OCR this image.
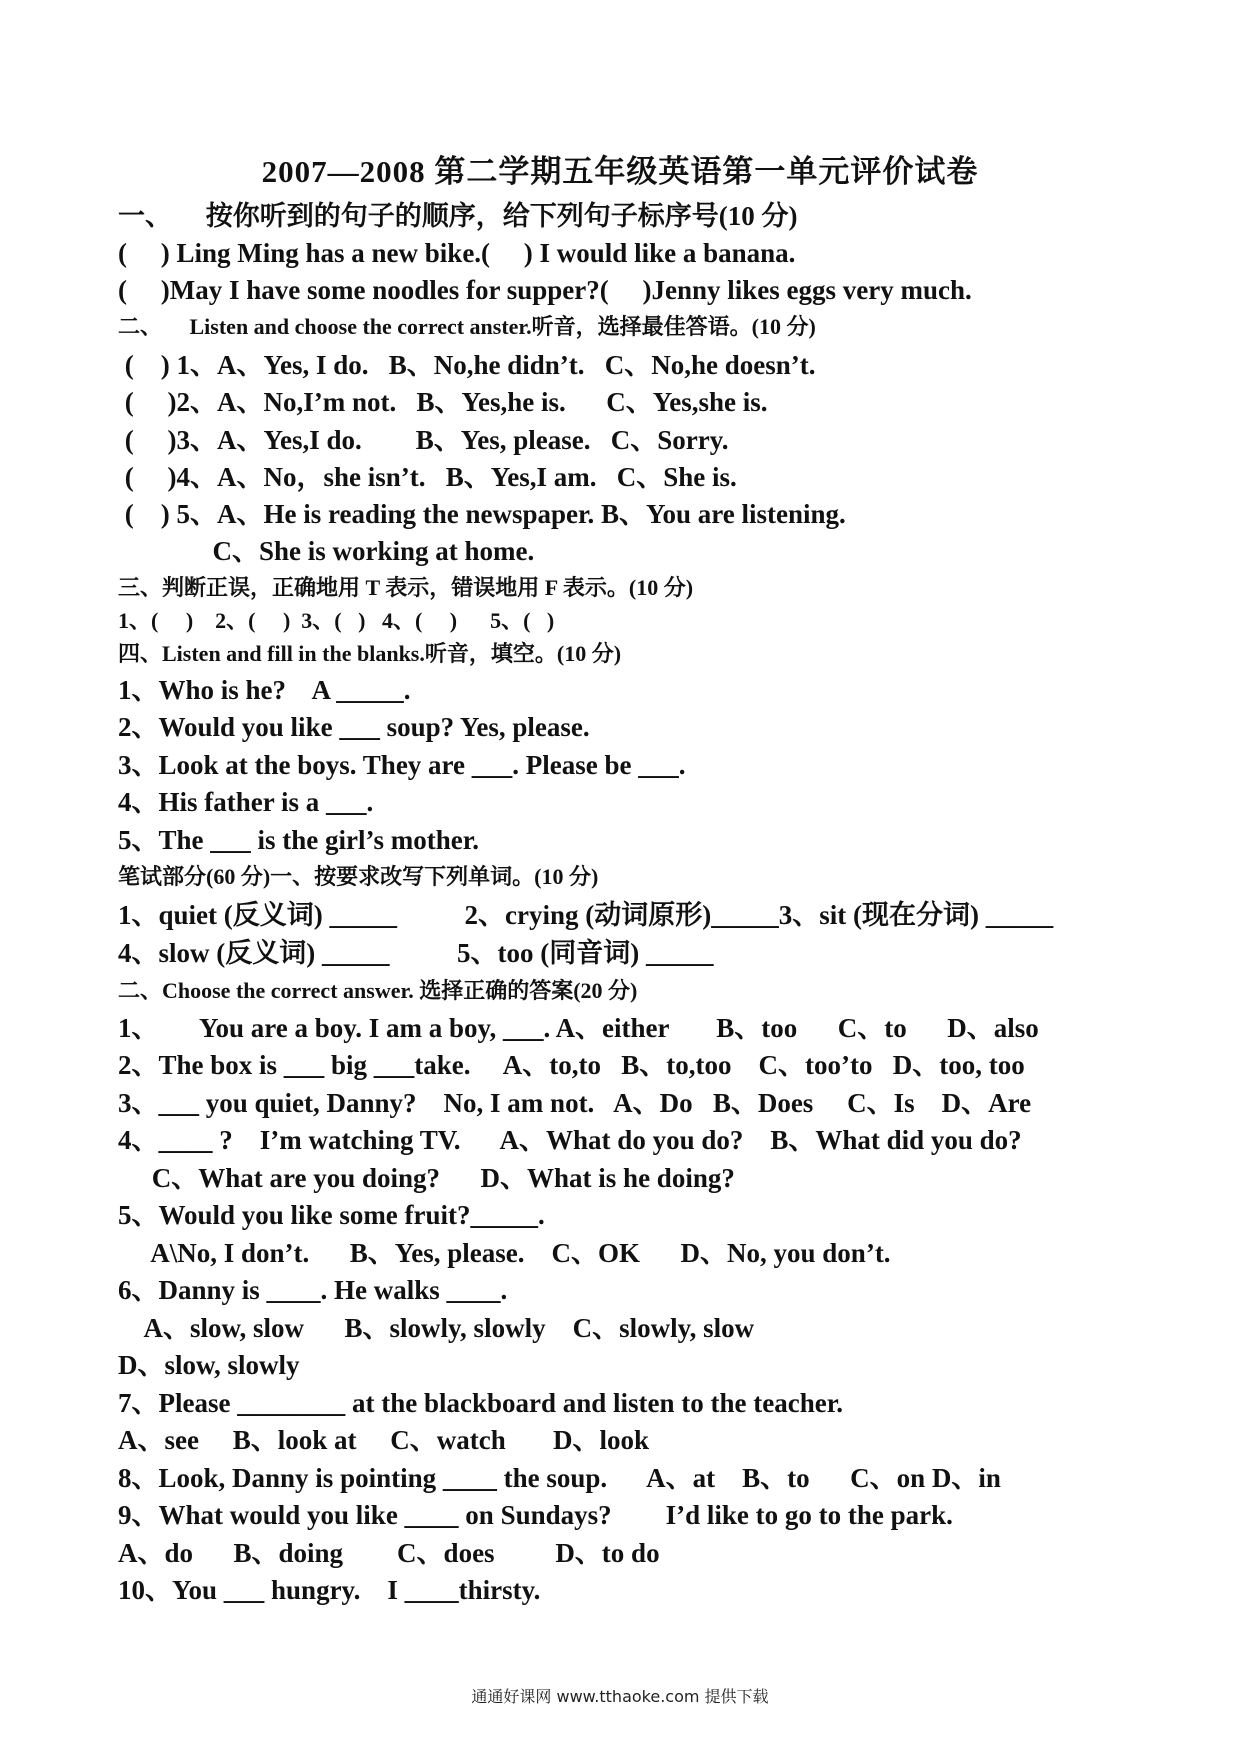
2007—2008 第二学期五年级英语第一单元评价试卷
一、     按你听到的句子的顺序，给下列句子标序号(10 分)
(     ) Ling Ming has a new bike.(     ) I would like a banana.
(     )May I have some noodles for supper?(     )Jenny likes eggs very much.
二、     Listen and choose the correct anster.听音，选择最佳答语。(10 分)
(    ) 1、A、Yes, I do.   B、No,he didn’t.   C、No,he doesn’t.
(     )2、A、No,I’m not.   B、Yes,he is.      C、Yes,she is.
(     )3、A、Yes,I do.        B、Yes, please.   C、Sorry.
(     )4、A、No，she isn’t.   B、Yes,I am.   C、She is.
(    ) 5、A、He is reading the newspaper. B、You are listening.
C、She is working at home.
三、判断正误，正确地用 T 表示，错误地用 F 表示。(10 分)
1、(     )    2、(     )  3、(   )   4、(     )      5、(   )
四、Listen and fill in the blanks.听音，填空。(10 分)
1、Who is he?    A _____.
2、Would you like ___ soup? Yes, please.
3、Look at the boys. They are ___. Please be ___.
4、His father is a ___.
5、The ___ is the girl’s mother.
笔试部分(60 分)一、按要求改写下列单词。(10 分)
1、quiet (反义词) _____          2、crying (动词原形)_____3、sit (现在分词) _____
4、slow (反义词) _____          5、too (同音词) _____
二、Choose the correct answer. 选择正确的答案(20 分)
1、      You are a boy. I am a boy, ___. A、either       B、too      C、to      D、also
2、The box is ___ big ___take.     A、to,to   B、to,too    C、too’to   D、too, too
3、___ you quiet, Danny?    No, I am not.   A、Do   B、Does     C、Is    D、Are
4、____ ?    I’m watching TV.      A、What do you do?    B、What did you do?
C、What are you doing?      D、What is he doing?
5、Would you like some fruit?_____.
A\No, I don’t.      B、Yes, please.    C、OK      D、No, you don’t.
6、Danny is ____. He walks ____.
A、slow, slow      B、slowly, slowly    C、slowly, slow
D、slow, slowly
7、Please ________ at the blackboard and listen to the teacher.
A、see     B、look at     C、watch       D、look
8、Look, Danny is pointing ____ the soup.      A、at    B、to      C、on D、in
9、What would you like ____ on Sundays?        I’d like to go to the park.
A、do      B、doing        C、does         D、to do
10、You ___ hungry.    I ____thirsty.
通通好课网 www.tthaoke.com 提供下载
